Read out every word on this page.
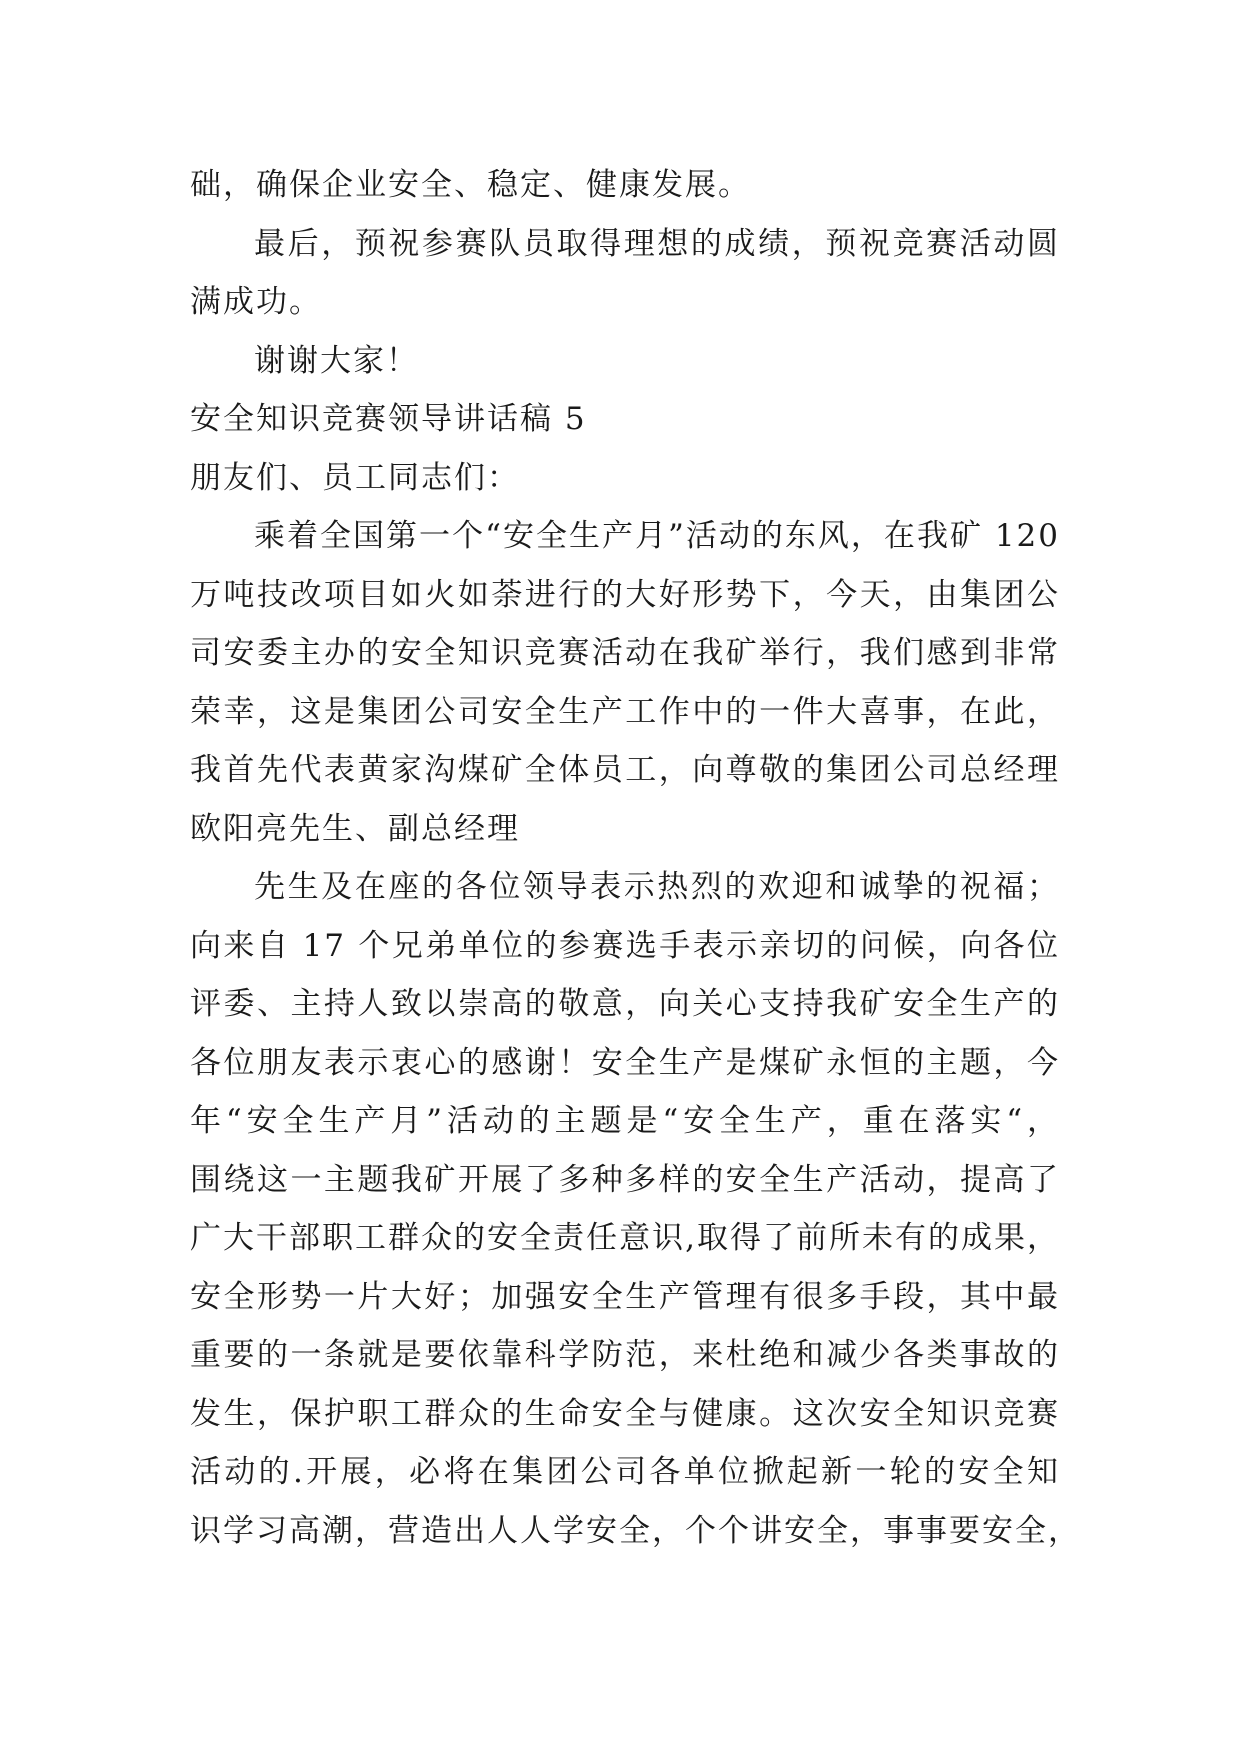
础，确保企业安全、稳定、健康发展。
最后，预祝参赛队员取得理想的成绩，预祝竞赛活动圆
满成功。
谢谢大家！
安全知识竞赛领导讲话稿 5
朋友们、员工同志们：
乘着全国第一个“安全生产月”活动的东风，在我矿 120
万吨技改项目如火如荼进行的大好形势下，今天，由集团公
司安委主办的安全知识竞赛活动在我矿举行，我们感到非常
荣幸，这是集团公司安全生产工作中的一件大喜事，在此，
我首先代表黄家沟煤矿全体员工，向尊敬的集团公司总经理
欧阳亮先生、副总经理
先生及在座的各位领导表示热烈的欢迎和诚挚的祝福；
向来自 17 个兄弟单位的参赛选手表示亲切的问候，向各位
评委、主持人致以崇高的敬意，向关心支持我矿安全生产的
各位朋友表示衷心的感谢！安全生产是煤矿永恒的主题，今
年“安全生产月”活动的主题是“安全生产，重在落实“，
围绕这一主题我矿开展了多种多样的安全生产活动，提高了
广大干部职工群众的安全责任意识,取得了前所未有的成果，
安全形势一片大好；加强安全生产管理有很多手段，其中最
重要的一条就是要依靠科学防范，来杜绝和减少各类事故的
发生，保护职工群众的生命安全与健康。这次安全知识竞赛
活动的.开展，必将在集团公司各单位掀起新一轮的安全知
识学习高潮，营造出人人学安全，个个讲安全，事事要安全，
